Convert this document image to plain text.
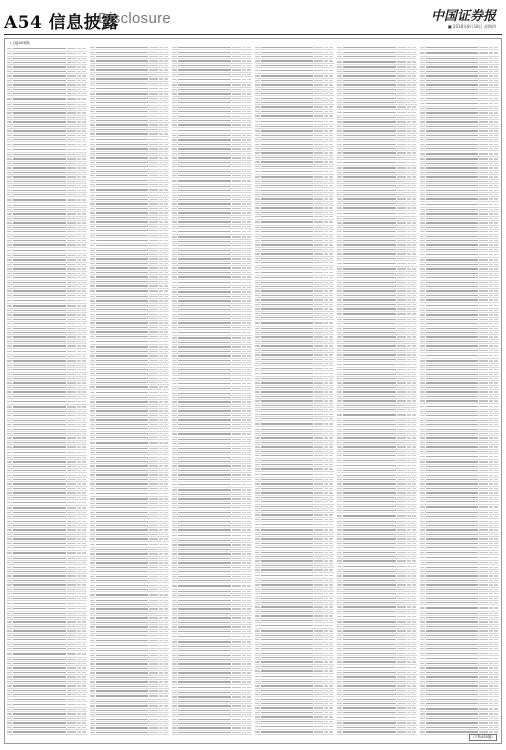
A54 信息披露
Disclosure	中国证券报
■ 2018年8月18日 星期四
（上接A53版）
（下转A55版）
